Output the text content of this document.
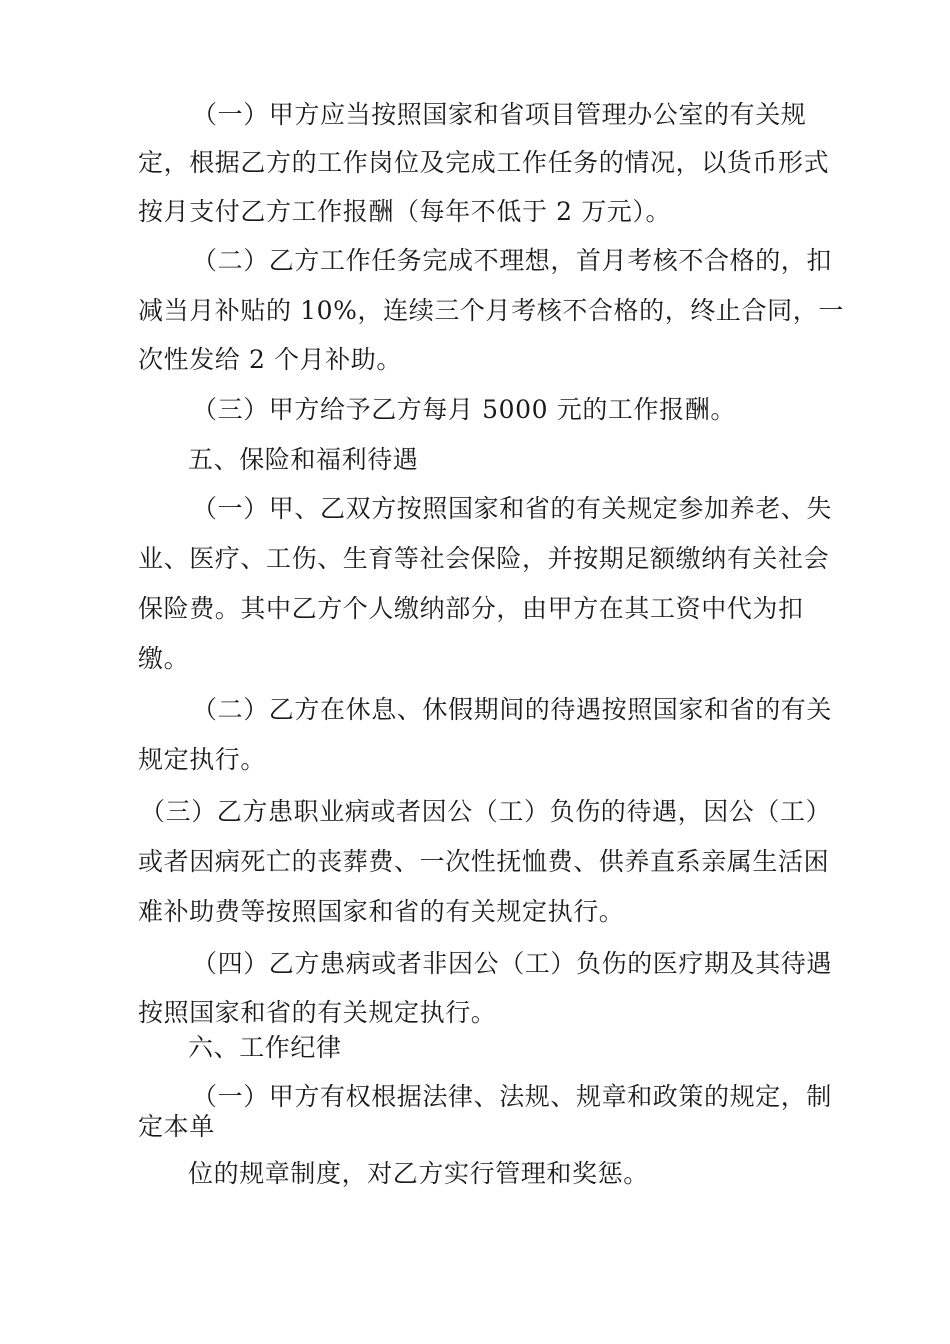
（一）甲方应当按照国家和省项目管理办公室的有关规
定，根据乙方的工作岗位及完成工作任务的情况，以货币形式
按月支付乙方工作报酬（每年不低于 2 万元）。
（二）乙方工作任务完成不理想，首月考核不合格的，扣
减当月补贴的 10%，连续三个月考核不合格的，终止合同，一
次性发给 2 个月补助。
（三）甲方给予乙方每月 5000 元的工作报酬。
五、保险和福利待遇
（一）甲、乙双方按照国家和省的有关规定参加养老、失
业、医疗、工伤、生育等社会保险，并按期足额缴纳有关社会
保险费。其中乙方个人缴纳部分，由甲方在其工资中代为扣
缴。
（二）乙方在休息、休假期间的待遇按照国家和省的有关
规定执行。
（三）乙方患职业病或者因公（工）负伤的待遇，因公（工）
或者因病死亡的丧葬费、一次性抚恤费、供养直系亲属生活困
难补助费等按照国家和省的有关规定执行。
（四）乙方患病或者非因公（工）负伤的医疗期及其待遇
按照国家和省的有关规定执行。
六、工作纪律
（一）甲方有权根据法律、法规、规章和政策的规定，制
定本单
位的规章制度，对乙方实行管理和奖惩。
